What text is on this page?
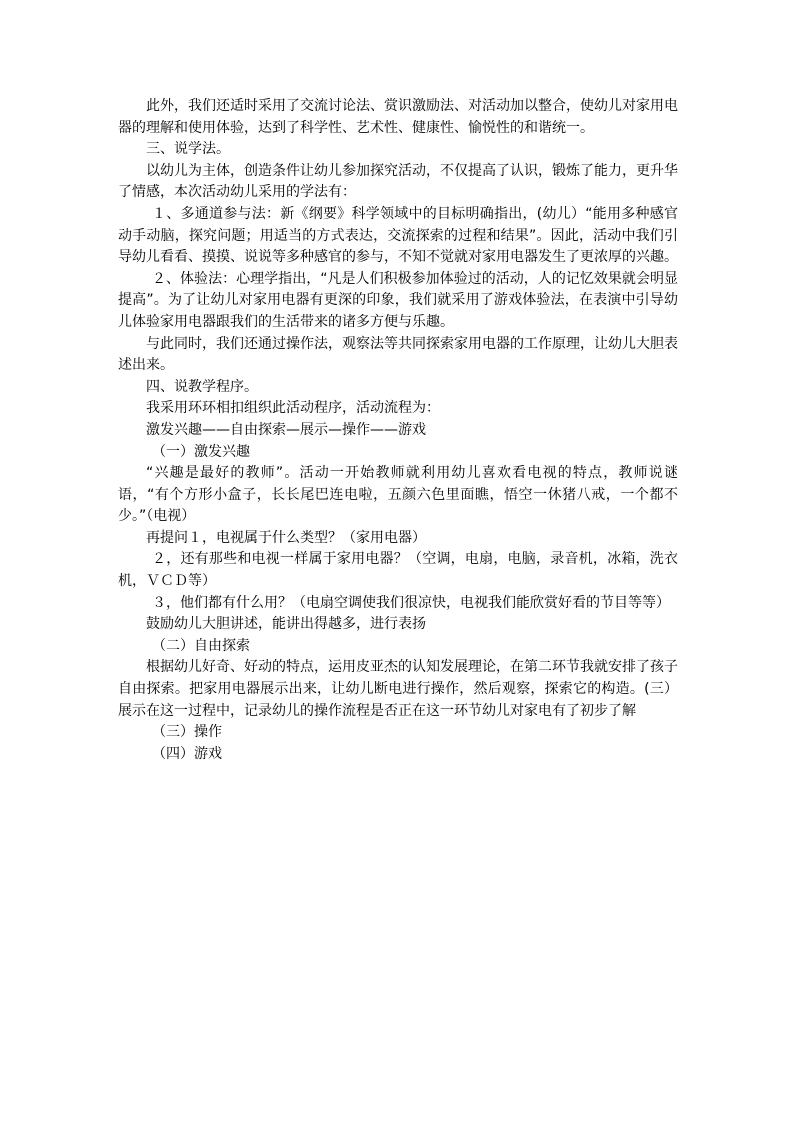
此外，我们还适时采用了交流讨论法、赏识激励法、对活动加以整合，使幼儿对家用电器的理解和使用体验，达到了科学性、艺术性、健康性、愉悦性的和谐统一。

三、说学法。

以幼儿为主体，创造条件让幼儿参加探究活动，不仅提高了认识，锻炼了能力，更升华了情感，本次活动幼儿采用的学法有：

１、多通道参与法：新《纲要》科学领域中的目标明确指出，(幼儿）“能用多种感官动手动脑，探究问题；用适当的方式表达，交流探索的过程和结果”。因此，活动中我们引导幼儿看看、摸摸、说说等多种感官的参与，不知不觉就对家用电器发生了更浓厚的兴趣。

２、体验法：心理学指出，“凡是人们积极参加体验过的活动，人的记忆效果就会明显提高”。为了让幼儿对家用电器有更深的印象，我们就采用了游戏体验法，在表演中引导幼儿体验家用电器跟我们的生活带来的诸多方便与乐趣。

与此同时，我们还通过操作法，观察法等共同探索家用电器的工作原理，让幼儿大胆表述出来。

四、说教学程序。

我采用环环相扣组织此活动程序，活动流程为：

激发兴趣——自由探索—展示—操作——游戏

（一）激发兴趣

“兴趣是最好的教师”。活动一开始教师就利用幼儿喜欢看电视的特点，教师说谜语，“有个方形小盒子，长长尾巴连电啦，五颜六色里面瞧，悟空一休猪八戒，一个都不少。”（电视）

再提问１，电视属于什么类型？（家用电器）

２，还有那些和电视一样属于家用电器？（空调，电扇，电脑，录音机，冰箱，洗衣机，ＶＣＤ等）

３，他们都有什么用？（电扇空调使我们很凉快，电视我们能欣赏好看的节目等等）

鼓励幼儿大胆讲述，能讲出得越多，进行表扬

（二）自由探索

根据幼儿好奇、好动的特点，运用皮亚杰的认知发展理论，在第二环节我就安排了孩子自由探索。把家用电器展示出来，让幼儿断电进行操作，然后观察，探索它的构造。(三）展示在这一过程中，记录幼儿的操作流程是否正在这一环节幼儿对家电有了初步了解

（三）操作

（四）游戏
